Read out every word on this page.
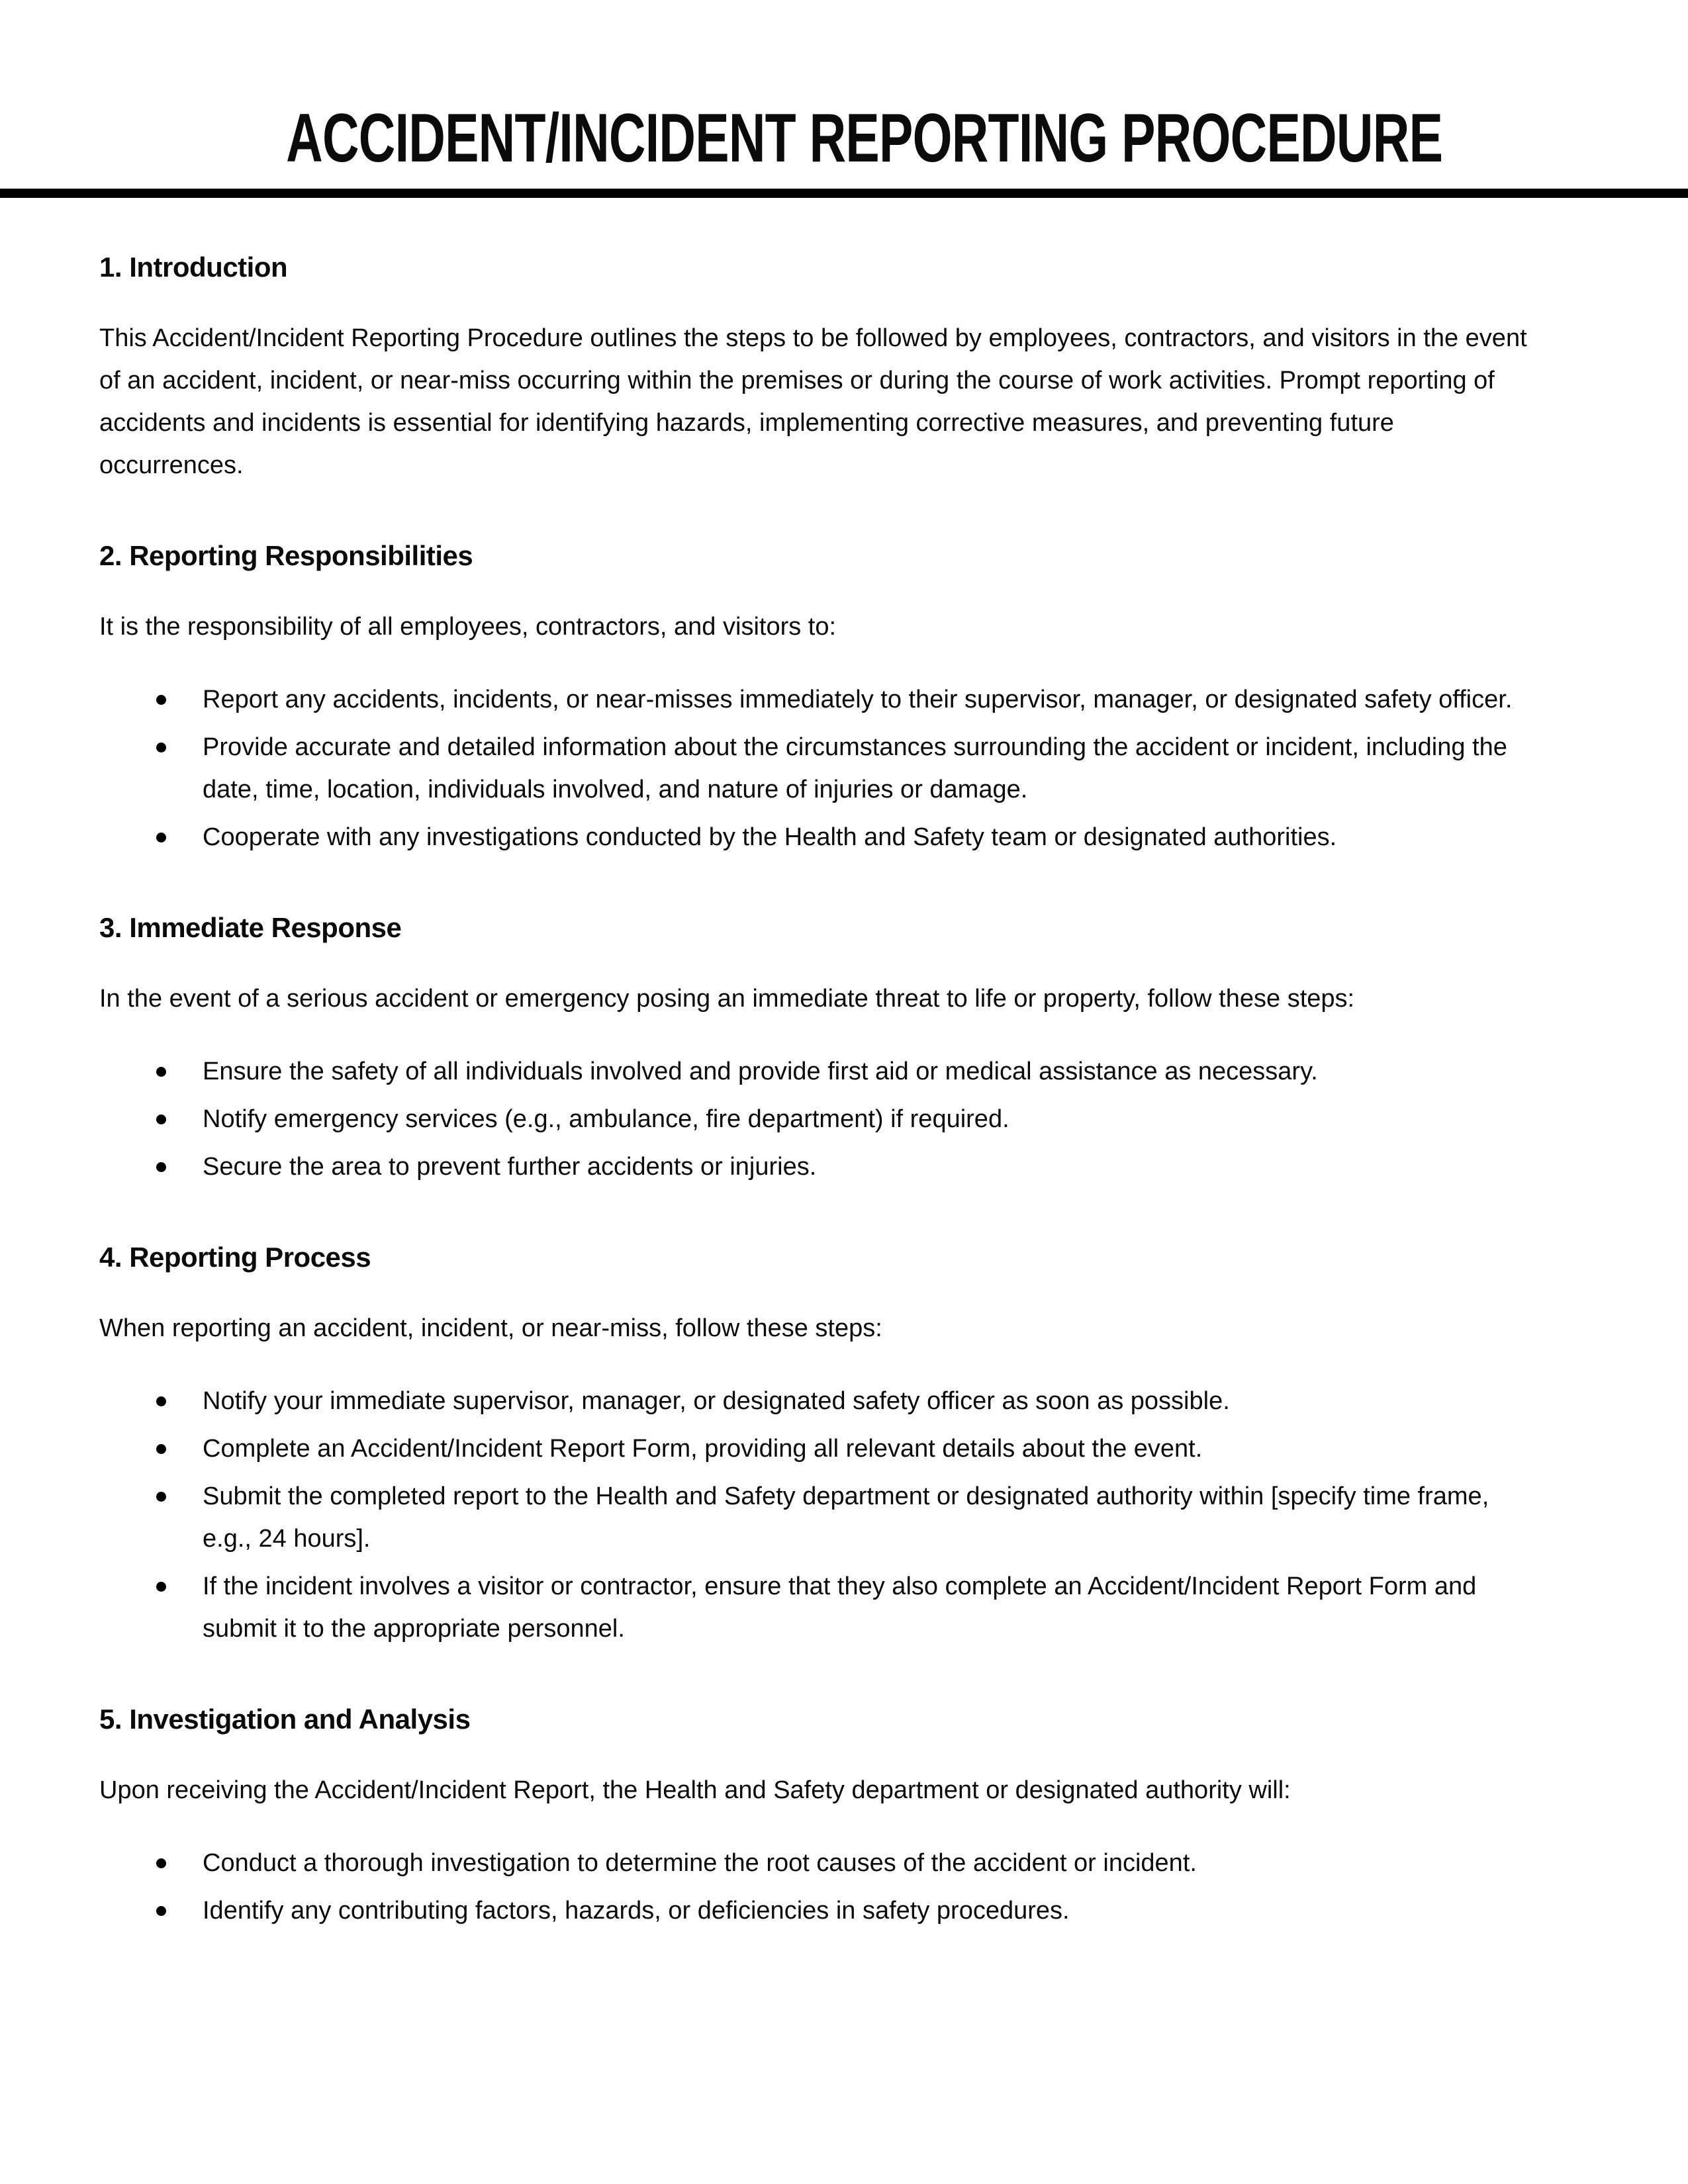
ACCIDENT/INCIDENT REPORTING PROCEDURE
1. Introduction

This Accident/Incident Reporting Procedure outlines the steps to be followed by employees, contractors, and visitors in the event of an accident, incident, or near-miss occurring within the premises or during the course of work activities. Prompt reporting of accidents and incidents is essential for identifying hazards, implementing corrective measures, and preventing future occurrences.

2. Reporting Responsibilities

It is the responsibility of all employees, contractors, and visitors to:

Report any accidents, incidents, or near-misses immediately to their supervisor, manager, or designated safety officer.
Provide accurate and detailed information about the circumstances surrounding the accident or incident, including the date, time, location, individuals involved, and nature of injuries or damage.
Cooperate with any investigations conducted by the Health and Safety team or designated authorities.
3. Immediate Response

In the event of a serious accident or emergency posing an immediate threat to life or property, follow these steps:

Ensure the safety of all individuals involved and provide first aid or medical assistance as necessary.
Notify emergency services (e.g., ambulance, fire department) if required.
Secure the area to prevent further accidents or injuries.
4. Reporting Process

When reporting an accident, incident, or near-miss, follow these steps:

Notify your immediate supervisor, manager, or designated safety officer as soon as possible.
Complete an Accident/Incident Report Form, providing all relevant details about the event.
Submit the completed report to the Health and Safety department or designated authority within [specify time frame, e.g., 24 hours].
If the incident involves a visitor or contractor, ensure that they also complete an Accident/Incident Report Form and submit it to the appropriate personnel.
5. Investigation and Analysis

Upon receiving the Accident/Incident Report, the Health and Safety department or designated authority will:

Conduct a thorough investigation to determine the root causes of the accident or incident.
Identify any contributing factors, hazards, or deficiencies in safety procedures.
